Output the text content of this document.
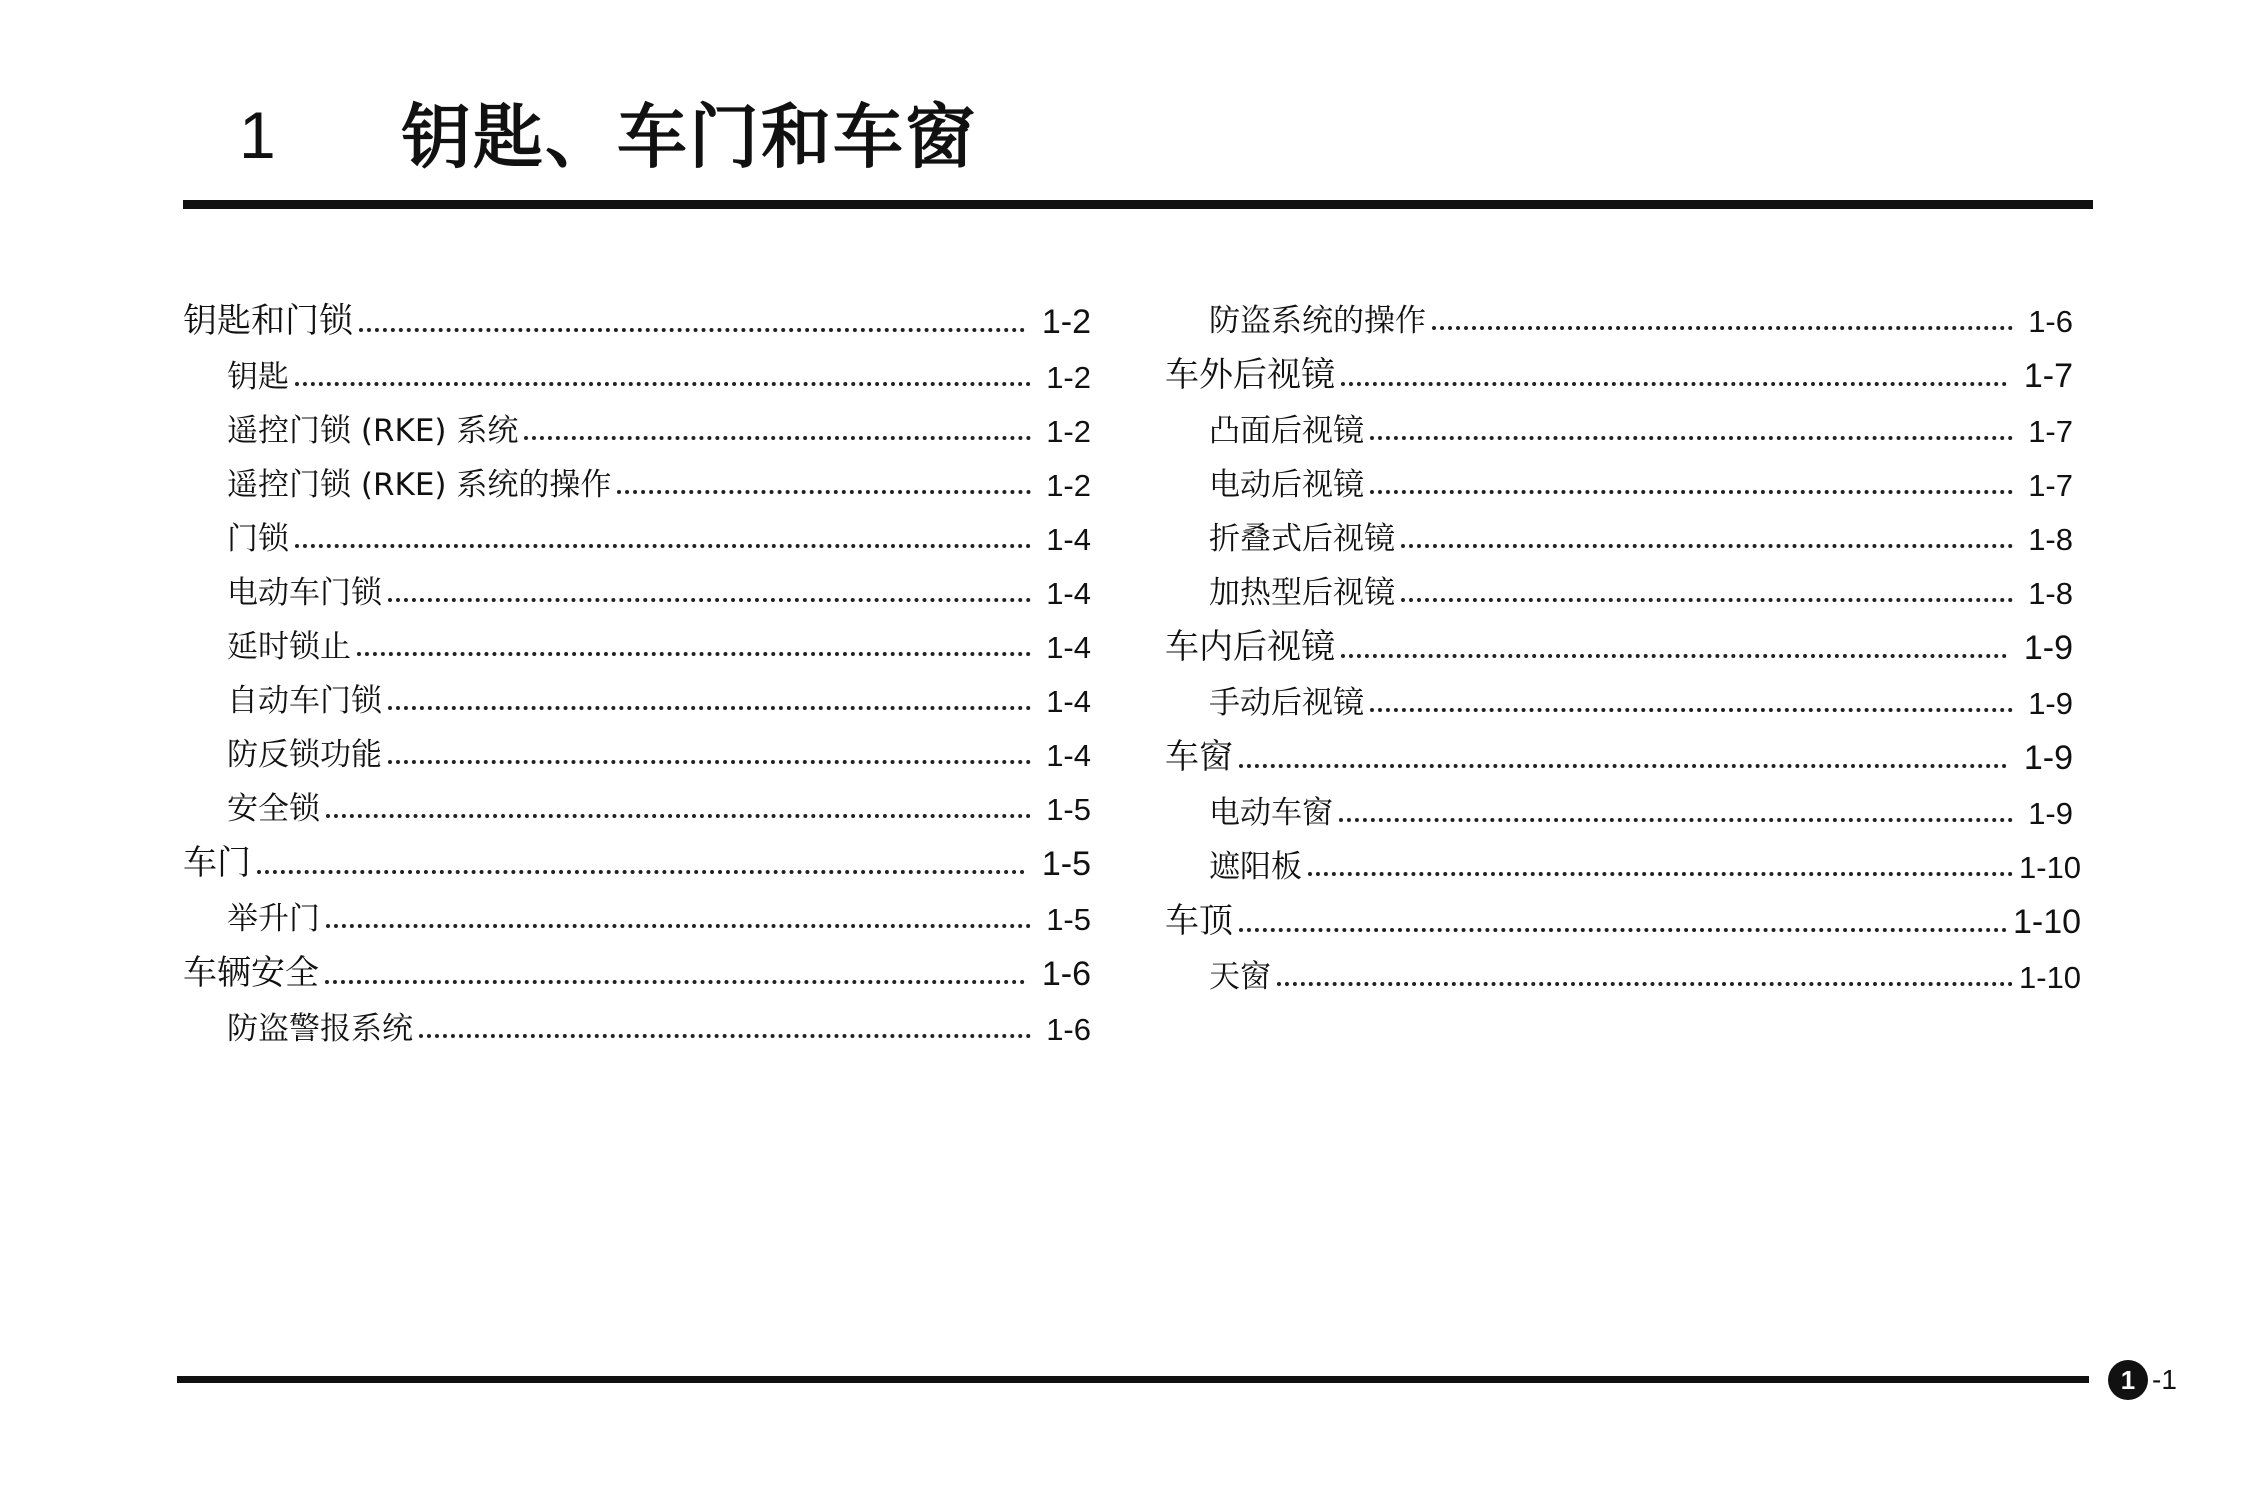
1 钥匙、车门和车窗
钥匙和门锁	1-2
钥匙	1-2
遥控门锁 (RKE) 系统	1-2
遥控门锁 (RKE) 系统的操作	1-2
门锁	1-4
电动车门锁	1-4
延时锁止	1-4
自动车门锁	1-4
防反锁功能	1-4
安全锁	1-5
车门	1-5
举升门	1-5
车辆安全	1-6
防盗警报系统	1-6
防盗系统的操作	1-6
车外后视镜	1-7
凸面后视镜	1-7
电动后视镜	1-7
折叠式后视镜	1-8
加热型后视镜	1-8
车内后视镜	1-9
手动后视镜	1-9
车窗	1-9
电动车窗	1-9
遮阳板	1-10
车顶	1-10
天窗	1-10
1 -1
